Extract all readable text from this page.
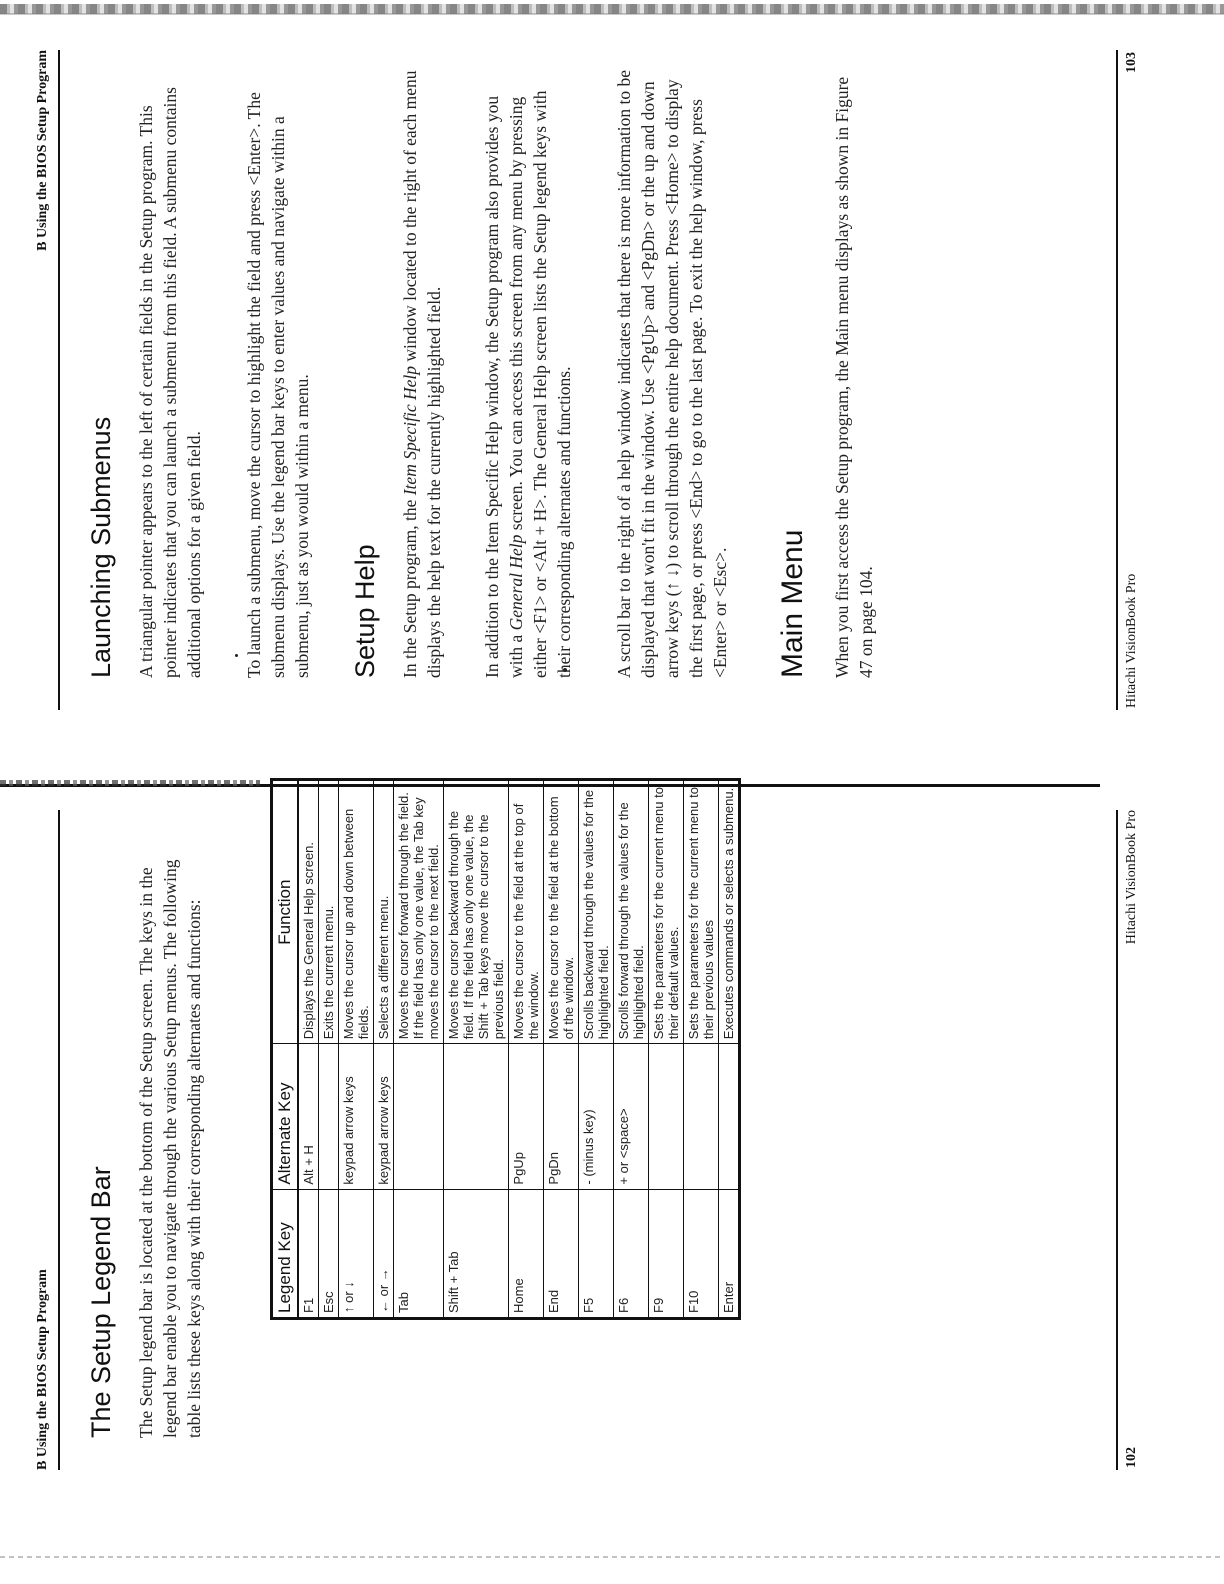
B Using the BIOS Setup Program The Setup Legend Bar The Setup legend bar is located at the bottom of the Setup screen. The keys in the legend bar enable you to navigate through the various Setup menus. The following table lists these keys along with their corresponding alternates and functions:	Legend Key	Alternate Key	Function
F1	Alt + H	Displays the General Help screen.
Esc		Exits the current menu.
↑ or ↓	keypad arrow keys	Moves the cursor up and down between fields.
← or →	keypad arrow keys	Selects a different menu.
Tab		Moves the cursor forward through the field. If the field has only one value, the Tab key moves the cursor to the next field.
Shift + Tab		Moves the cursor backward through the field. If the field has only one value, the Shift + Tab keys move the cursor to the previous field.
Home	PgUp	Moves the cursor to the field at the top of the window.
End	PgDn	Moves the cursor to the field at the bottom of the window.
F5	- (minus key)	Scrolls backward through the values for the highlighted field.
F6	+ or <space>	Scrolls forward through the values for the highlighted field.
F9		Sets the parameters for the current menu to their default values.
F10		Sets the parameters for the current menu to their previous values
Enter		Executes commands or selects a submenu.
102
Hitachi VisionBook Pro
B Using the BIOS Setup Program
Launching Submenus A triangular pointer appears to the left of certain fields in the Setup program. This pointer indicates that you can launch a submenu from this field. A submenu contains additional options for a given field. To launch a submenu, move the cursor to highlight the field and press <Enter>. The submenu displays. Use the legend bar keys to enter values and navigate within a submenu, just as you would within a menu. Setup Help In the Setup program, the Item Specific Help window located to the right of each menu displays the help text for the currently highlighted field. In addition to the Item Specific Help window, the Setup program also provides you with a General Help screen. You can access this screen from any menu by pressing either <F1> or <Alt + H>. The General Help screen lists the Setup legend keys with their corresponding alternates and functions. A scroll bar to the right of a help window indicates that there is more information to be displayed that won't fit in the window. Use <PgUp> and <PgDn> or the up and down arrow keys (↑ ↓) to scroll through the entire help document. Press <Home> to display the first page, or press <End> to go to the last page. To exit the help window, press <Enter> or <Esc>. Main Menu When you first access the Setup program, the Main menu displays as shown in Figure 47 on page 104.	Hitachi VisionBook Pro
103
